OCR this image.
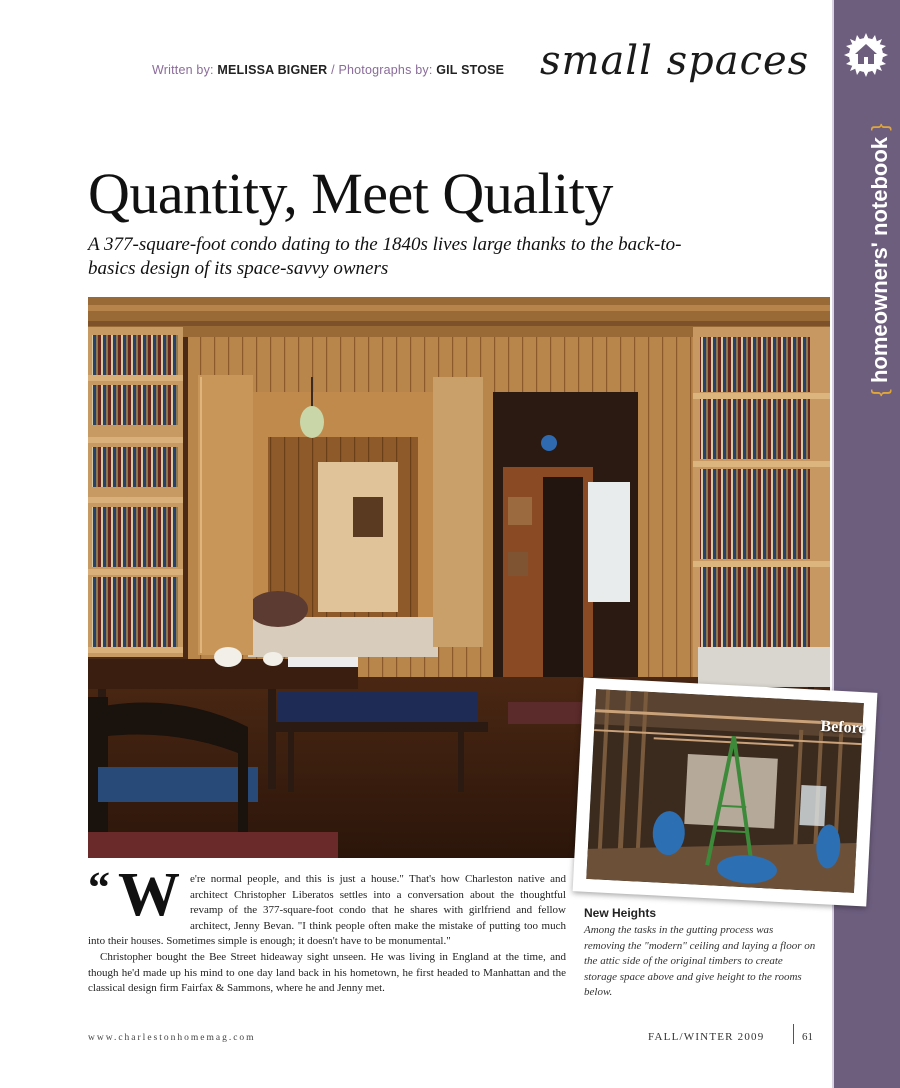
Written by: MELISSA BIGNER / Photographs by: GIL STOSE small spaces
{ homeowners' notebook }
Quantity, Meet Quality
A 377-square-foot condo dating to the 1840s lives large thanks to the back-to-basics design of its space-savvy owners
Before
New Heights
Among the tasks in the gutting process was removing the "modern" ceiling and laying a floor on the attic side of the original timbers to create storage space above and give height to the rooms below.
“ W e're normal people, and this is just a house." That's how Charleston native and architect Christopher Liberatos settles into a conversation about the thoughtful revamp of the 377-square-foot condo that he shares with girlfriend and fellow architect, Jenny Bevan. "I think people often make the mistake of putting too much into their houses. Sometimes simple is enough; it doesn't have to be monumental."

Christopher bought the Bee Street hideaway sight unseen. He was living in England at the time, and though he'd made up his mind to one day land back in his hometown, he first headed to Manhattan and the classical design firm Fairfax & Sammons, where he and Jenny met.

www.charlestonhomemag.com	FALL/WINTER 2009	61
